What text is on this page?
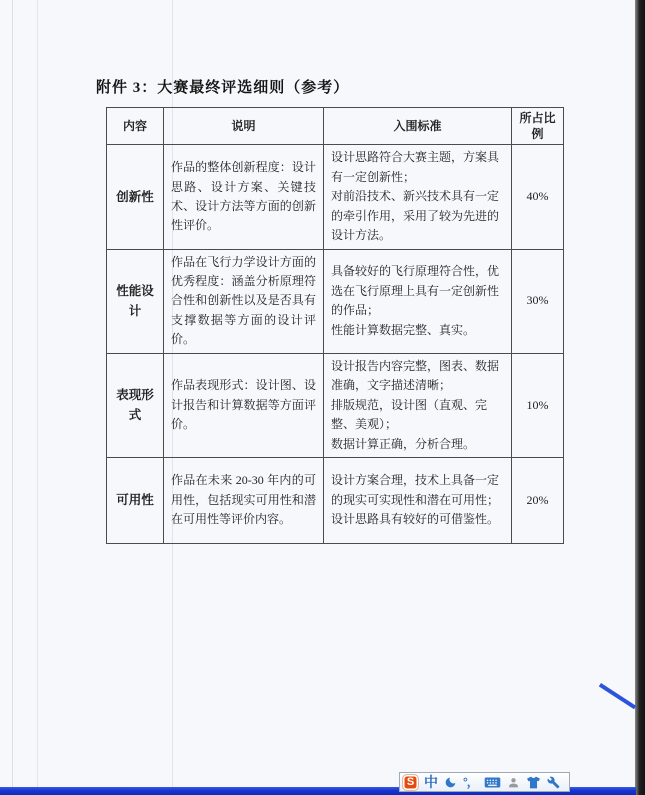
附件 3：大赛最终评选细则（参考）
内容	说明	入围标准	所占比例
创新性	作品的整体创新程度：设计思路、设计方案、关键技术、设计方法等方面的创新性评价。	设计思路符合大赛主题，方案具有一定创新性；
对前沿技术、新兴技术具有一定的牵引作用，采用了较为先进的设计方法。	40%
性能设计	作品在飞行力学设计方面的优秀程度：涵盖分析原理符合性和创新性以及是否具有支撑数据等方面的设计评价。	具备较好的飞行原理符合性，优选在飞行原理上具有一定创新性的作品；
性能计算数据完整、真实。	30%
表现形式	作品表现形式：设计图、设计报告和计算数据等方面评价。	设计报告内容完整，图表、数据准确，文字描述清晰；
排版规范，设计图（直观、完整、美观）；
数据计算正确，分析合理。	10%
可用性	作品在未来 20-30 年内的可用性，包括现实可用性和潜在可用性等评价内容。	设计方案合理，技术上具备一定的现实可实现性和潜在可用性；
设计思路具有较好的可借鉴性。	20%
S 中 °，
